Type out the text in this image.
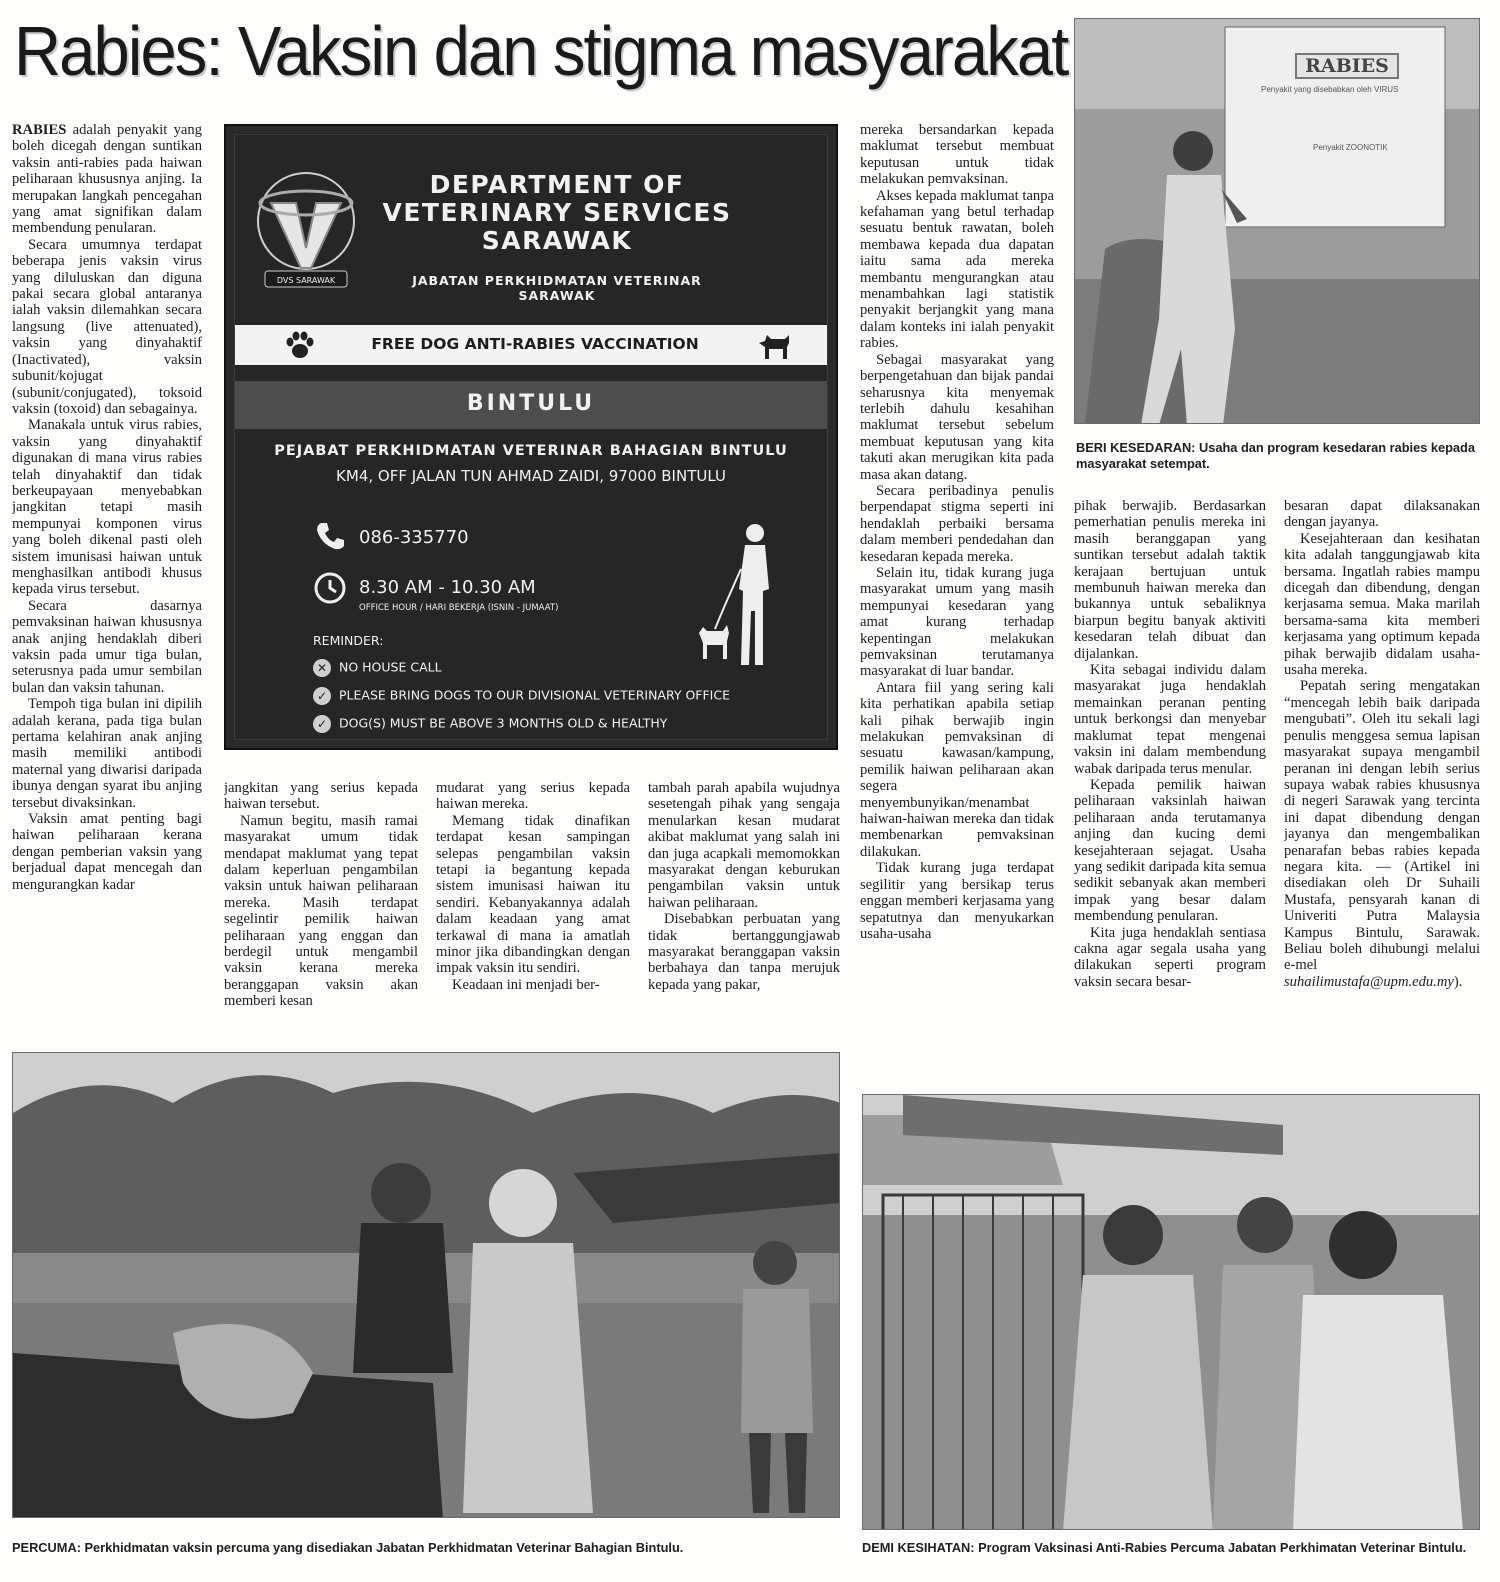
Rabies: Vaksin dan stigma masyarakat

RABIES adalah penyakit yang boleh dicegah dengan suntikan vaksin anti-rabies pada haiwan peliharaan khususnya anjing. Ia merupakan langkah pencegahan yang amat signifikan dalam membendung penularan.

Secara umumnya terdapat beberapa jenis vaksin virus yang diluluskan dan diguna pakai secara global antaranya ialah vaksin dilemahkan secara langsung (live attenuated), vaksin yang dinyahaktif (Inactivated), vaksin subunit/kojugat (subunit/conjugated), toksoid vaksin (toxoid) dan sebagainya.

Manakala untuk virus rabies, vaksin yang dinyahaktif digunakan di mana virus rabies telah dinyahaktif dan tidak berkeupayaan menyebabkan jangkitan tetapi masih mempunyai komponen virus yang boleh dikenal pasti oleh sistem imunisasi haiwan untuk menghasilkan antibodi khusus kepada virus tersebut.

Secara dasarnya pemvaksinan haiwan khususnya anak anjing hendaklah diberi vaksin pada umur tiga bulan, seterusnya pada umur sembilan bulan dan vaksin tahunan.

Tempoh tiga bulan ini dipilih adalah kerana, pada tiga bulan pertama kelahiran anak anjing masih memiliki antibodi maternal yang diwarisi daripada ibunya dengan syarat ibu anjing tersebut divaksinkan.

Vaksin amat penting bagi haiwan peliharaan kerana dengan pemberian vaksin yang berjadual dapat mencegah dan mengurangkan kadar

DVS SARAWAK
DEPARTMENT OF
VETERINARY SERVICES
SARAWAK
JABATAN PERKHIDMATAN VETERINAR
SARAWAK
FREE DOG ANTI-RABIES VACCINATION
BINTULU
PEJABAT PERKHIDMATAN VETERINAR BAHAGIAN BINTULU
KM4, OFF JALAN TUN AHMAD ZAIDI, 97000 BINTULU
086-335770
8.30 AM - 10.30 AM
OFFICE HOUR / HARI BEKERJA (ISNIN - JUMAAT)
REMINDER:
✕ NO HOUSE CALL
✓ PLEASE BRING DOGS TO OUR DIVISIONAL VETERINARY OFFICE
✓ DOG(S) MUST BE ABOVE 3 MONTHS OLD & HEALTHY

jangkitan yang serius kepada haiwan tersebut.

Namun begitu, masih ramai masyarakat umum tidak mendapat maklumat yang tepat dalam keperluan pengambilan vaksin untuk haiwan peliharaan mereka. Masih terdapat segelintir pemilik haiwan peliharaan yang enggan dan berdegil untuk mengambil vaksin kerana mereka beranggapan vaksin akan memberi kesan

mudarat yang serius kepada haiwan mereka.

Memang tidak dinafikan terdapat kesan sampingan selepas pengambilan vaksin tetapi ia begantung kepada sistem imunisasi haiwan itu sendiri. Kebanyakannya adalah dalam keadaan yang amat terkawal di mana ia amatlah minor jika dibandingkan dengan impak vaksin itu sendiri.

Keadaan ini menjadi ber-

tambah parah apabila wujudnya sesetengah pihak yang sengaja menularkan kesan mudarat akibat maklumat yang salah ini dan juga acapkali memomokkan masyarakat dengan keburukan pengambilan vaksin untuk haiwan peliharaan.

Disebabkan perbuatan yang tidak bertanggungjawab masyarakat beranggapan vaksin berbahaya dan tanpa merujuk kepada yang pakar,

mereka bersandarkan kepada maklumat tersebut membuat keputusan untuk tidak melakukan pemvaksinan.

Akses kepada maklumat tanpa kefahaman yang betul terhadap sesuatu bentuk rawatan, boleh membawa kepada dua dapatan iaitu sama ada mereka membantu mengurangkan atau menambahkan lagi statistik penyakit berjangkit yang mana dalam konteks ini ialah penyakit rabies.

Sebagai masyarakat yang berpengetahuan dan bijak pandai seharusnya kita menyemak terlebih dahulu kesahihan maklumat tersebut sebelum membuat keputusan yang kita takuti akan merugikan kita pada masa akan datang.

Secara peribadinya penulis berpendapat stigma seperti ini hendaklah perbaiki bersama dalam memberi pendedahan dan kesedaran kepada mereka.

Selain itu, tidak kurang juga masyarakat umum yang masih mempunyai kesedaran yang amat kurang terhadap kepentingan melakukan pemvaksinan terutamanya masyarakat di luar bandar.

Antara fiil yang sering kali kita perhatikan apabila setiap kali pihak berwajib ingin melakukan pemvaksinan di sesuatu kawasan/kampung, pemilik haiwan peliharaan akan segera menyembunyikan/menambat haiwan-haiwan mereka dan tidak membenarkan pemvaksinan dilakukan.

Tidak kurang juga terdapat segilitir yang bersikap terus enggan memberi kerjasama yang sepatutnya dan menyukarkan usaha-usaha

RABIES
Penyakit yang disebabkan oleh VIRUS
Penyakit ZOONOTIK
BERI KESEDARAN: Usaha dan program kesedaran rabies kepada masyarakat setempat.

pihak berwajib. Berdasarkan pemerhatian penulis mereka ini masih beranggapan yang suntikan tersebut adalah taktik kerajaan bertujuan untuk membunuh haiwan mereka dan bukannya untuk sebaliknya biarpun begitu banyak aktiviti kesedaran telah dibuat dan dijalankan.

Kita sebagai individu dalam masyarakat juga hendaklah memainkan peranan penting untuk berkongsi dan menyebar maklumat tepat mengenai vaksin ini dalam membendung wabak daripada terus menular.

Kepada pemilik haiwan peliharaan vaksinlah haiwan peliharaan anda terutamanya anjing dan kucing demi kesejahteraan sejagat. Usaha yang sedikit daripada kita semua sedikit sebanyak akan memberi impak yang besar dalam membendung penularan.

Kita juga hendaklah sentiasa cakna agar segala usaha yang dilakukan seperti program vaksin secara besar-

besaran dapat dilaksanakan dengan jayanya.

Kesejahteraan dan kesihatan kita adalah tanggungjawab kita bersama. Ingatlah rabies mampu dicegah dan dibendung, dengan kerjasama semua. Maka marilah bersama-sama kita memberi kerjasama yang optimum kepada pihak berwajib didalam usaha-usaha mereka.

Pepatah sering mengatakan “mencegah lebih baik daripada mengubati”. Oleh itu sekali lagi penulis menggesa semua lapisan masyarakat supaya mengambil peranan ini dengan lebih serius supaya wabak rabies khususnya di negeri Sarawak yang tercinta ini dapat dibendung dengan jayanya dan mengembalikan penarafan bebas rabies kepada negara kita. — (Artikel ini disediakan oleh Dr Suhaili Mustafa, pensyarah kanan di Univeriti Putra Malaysia Kampus Bintulu, Sarawak. Beliau boleh dihubungi melalui e-mel suhailimustafa@upm.edu.my).

PERCUMA: Perkhidmatan vaksin percuma yang disediakan Jabatan Perkhidmatan Veterinar Bahagian Bintulu.	DEMI KESIHATAN: Program Vaksinasi Anti-Rabies Percuma Jabatan Perkhimatan Veterinar Bintulu.
